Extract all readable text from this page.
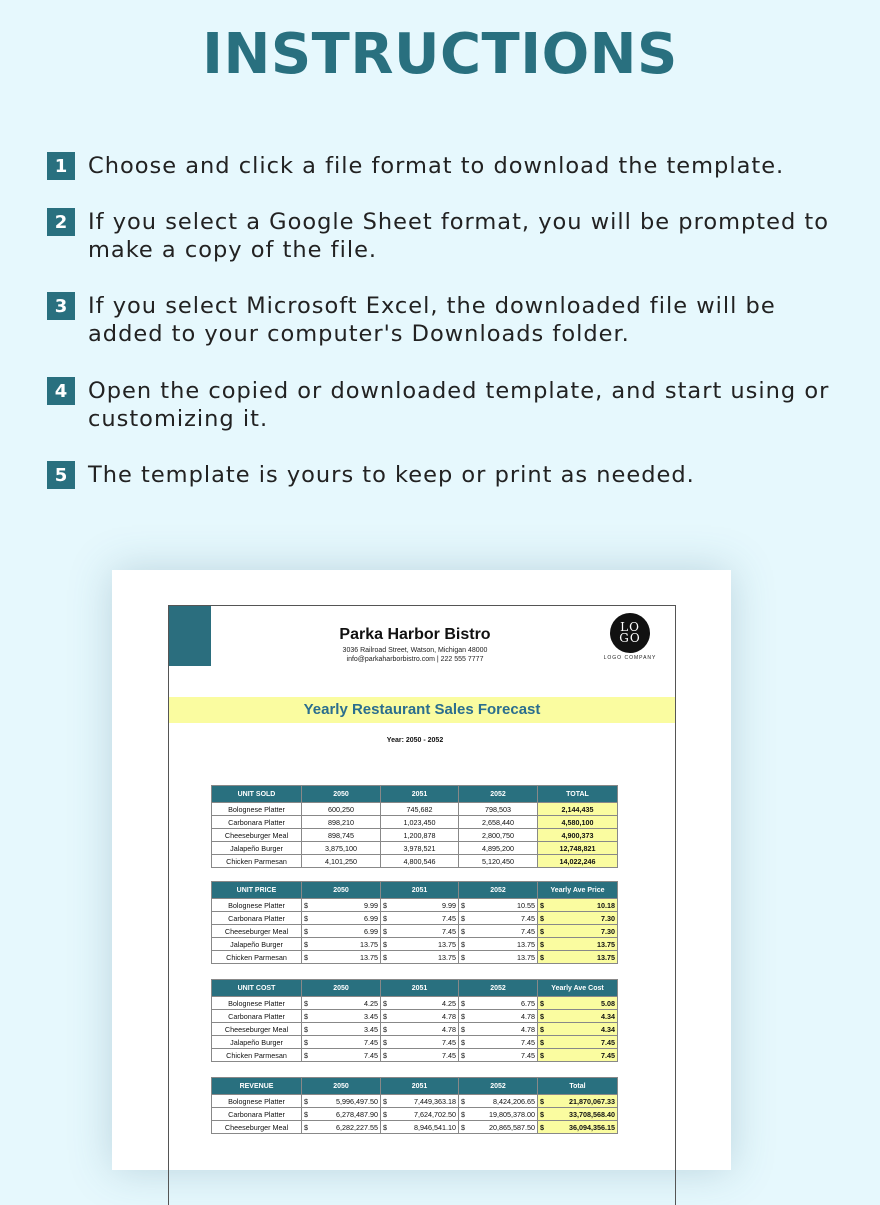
INSTRUCTIONS
1 Choose and click a file format to download the template.
2 If you select a Google Sheet format, you will be prompted to make a copy of the file.
3 If you select Microsoft Excel, the downloaded file will be added to your computer's Downloads folder.
4 Open the copied or downloaded template, and start using or customizing it.
5 The template is yours to keep or print as needed.
Parka Harbor Bistro
3036 Railroad Street, Watson, Michigan 48000
info@parkaharborbistro.com | 222 555 7777
LO
GO
LOGO COMPANY
Yearly Restaurant Sales Forecast
Year: 2050 - 2052
UNIT SOLD	2050	2051	2052	TOTAL
Bolognese Platter	600,250	745,682	798,503	2,144,435
Carbonara Platter	898,210	1,023,450	2,658,440	4,580,100
Cheeseburger Meal	898,745	1,200,878	2,800,750	4,900,373
Jalapeño Burger	3,875,100	3,978,521	4,895,200	12,748,821
Chicken Parmesan	4,101,250	4,800,546	5,120,450	14,022,246
UNIT PRICE	2050	2051	2052	Yearly Ave Price
Bolognese Platter	$ 9.99	$ 9.99	$ 10.55	$ 10.18

Carbonara Platter	$ 6.99	$ 7.45	$ 7.45	$ 7.30

Cheeseburger Meal	$ 6.99	$ 7.45	$ 7.45	$ 7.30

Jalapeño Burger	$ 13.75	$ 13.75	$ 13.75	$ 13.75

Chicken Parmesan	$ 13.75	$ 13.75	$ 13.75	$ 13.75
UNIT COST	2050	2051	2052	Yearly Ave Cost
Bolognese Platter	$ 4.25	$ 4.25	$ 6.75	$ 5.08

Carbonara Platter	$ 3.45	$ 4.78	$ 4.78	$ 4.34

Cheeseburger Meal	$ 3.45	$ 4.78	$ 4.78	$ 4.34

Jalapeño Burger	$ 7.45	$ 7.45	$ 7.45	$ 7.45

Chicken Parmesan	$ 7.45	$ 7.45	$ 7.45	$ 7.45
REVENUE	2050	2051	2052	Total
Bolognese Platter	$ 5,996,497.50	$ 7,449,363.18	$ 8,424,206.65	$ 21,870,067.33

Carbonara Platter	$ 6,278,487.90	$ 7,624,702.50	$ 19,805,378.00	$ 33,708,568.40

Cheeseburger Meal	$ 6,282,227.55	$ 8,946,541.10	$ 20,865,587.50	$ 36,094,356.15
